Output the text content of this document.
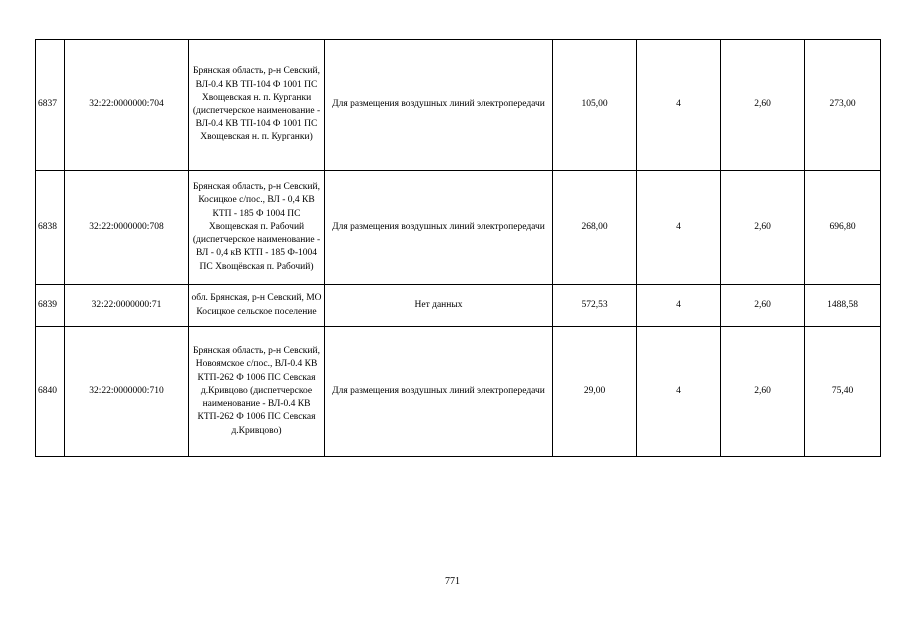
6837	32:22:0000000:704	Брянская область, р-н Севский, ВЛ-0.4 КВ ТП-104 Ф 1001 ПС Хвощевская н. п. Курганки (диспетчерское наименование - ВЛ-0.4 КВ ТП-104 Ф 1001 ПС Хвощевская н. п. Курганки)	Для размещения воздушных линий электропередачи	105,00	4	2,60	273,00
6838	32:22:0000000:708	Брянская область, р-н Севский, Косицкое с/пос., ВЛ - 0,4 КВ КТП - 185 Ф 1004 ПС Хвощевская п. Рабочий (диспетчерское наименование - ВЛ - 0,4 кВ КТП - 185 Ф-1004 ПС Хвощёвская п. Рабочий)	Для размещения воздушных линий электропередачи	268,00	4	2,60	696,80
6839	32:22:0000000:71	обл. Брянская, р-н Севский, МО Косицкое сельское поселение	Нет данных	572,53	4	2,60	1488,58
6840	32:22:0000000:710	Брянская область, р-н Севский, Новоямское с/пос., ВЛ-0.4 КВ КТП-262 Ф 1006 ПС Севская д.Кривцово (диспетчерское наименование - ВЛ-0.4 КВ КТП-262 Ф 1006 ПС Севская д.Кривцово)	Для размещения воздушных линий электропередачи	29,00	4	2,60	75,40
771
